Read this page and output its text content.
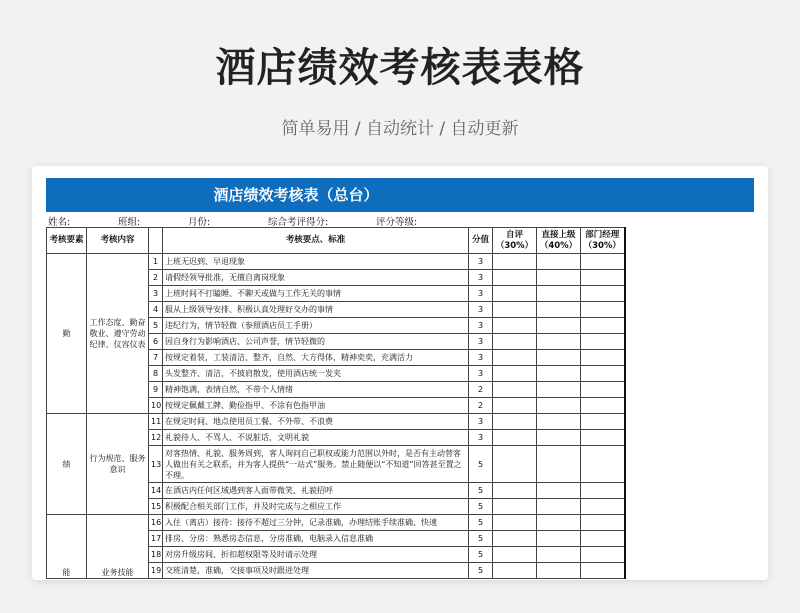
酒店绩效考核表表格
简单易用 / 自动统计 / 自动更新
酒店绩效考核表（总台）
姓名:	班组:	月份:	综合考评得分:	评分等级:
考核要素	考核内容		考核要点、标准	分值	自评 （30%）	直接上级 （40%）	部门经理 （30%）
勤	工作态度、勤奋敬业、遵守劳动纪律、仪容仪表	1	上班无迟到、早退现象	3			
		2	请假经领导批准，无擅自离岗现象	3			
		3	上班时间不打瞌睡、不聊天或做与工作无关的事情	3			
		4	服从上级领导安排、积极认真处理好交办的事情	3			
		5	违纪行为，情节轻微（参照酒店员工手册）	3			
		6	因自身行为影响酒店、公司声誉，情节轻微的	3			
		7	按规定着装，工装清洁、整齐，自然、大方得体，精神奕奕，充满活力	3			
		8	头发整齐、清洁，不披肩散发，使用酒店统一发夹	3			
		9	精神饱满，表情自然，不带个人情绪	2			
		10	按规定佩戴工牌、勤俭指甲、不涂有色指甲油	2			
绩	行为规范、服务意识	11	在规定时间、地点使用员工餐、不外带、不浪费	3			
		12	礼貌待人、不骂人、不说脏话，文明礼貌	3			
		13	对客热情、礼貌、服务周到，客人询问自己职权或能力范围以外时，是否有主动替客人做出有关之联系，并为客人提供“一站式”服务。禁止随便以“不知道”回答甚至置之不理。	5			
		14	在酒店内任何区域遇到客人面带微笑、礼貌招呼	5			
		15	积极配合相关部门工作，并及时完成与之相应工作	5			
能	业务技能	16	入住（离店）接待：接待不超过三分钟，记录准确，办理结账手续准确、快速	5			
		17	排房、分房：熟悉房态信息，分房准确，电脑录入信息准确	5			
		18	对房升级房间、折扣超权限等及时请示处理	5			
		19	交班清楚，准确，交接事项及时跟进处理	5			
